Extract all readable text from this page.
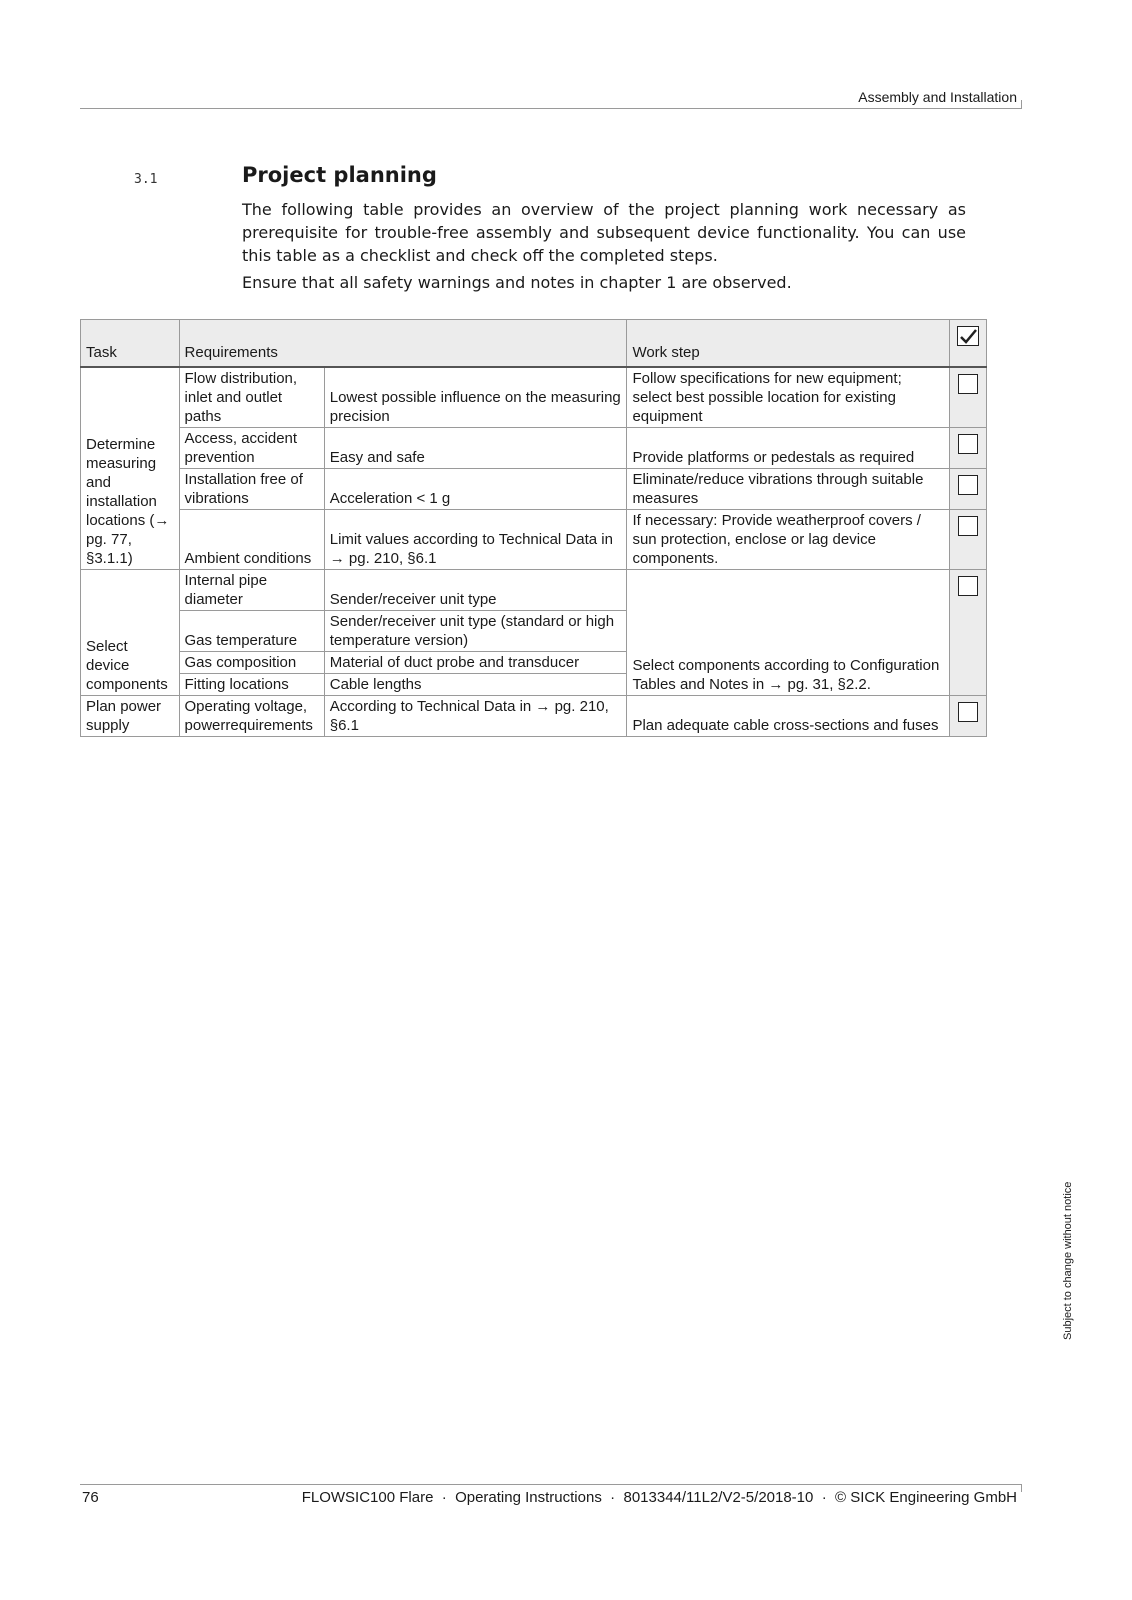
Assembly and Installation
3.1	Project planning

The following table provides an overview of the project planning work necessary as prerequisite for trouble-free assembly and subsequent device functionality. You can use this table as a checklist and check off the completed steps.

Ensure that all safety warnings and notes in chapter 1 are observed.

Task	Requirements		Work step	

Determine measuring and installation locations (→ pg. 77, §3.1.1)	Flow distribution, inlet and outlet paths	Lowest possible influence on the measuring precision	Follow specifications for new equipment; select best possible location for existing equipment	
	Access, accident prevention	Easy and safe	Provide platforms or pedestals as required	
	Installation free of vibrations	Acceleration < 1 g	Eliminate/reduce vibrations through suitable measures	
	Ambient conditions	Limit values according to Technical Data in → pg. 210, §6.1	If necessary: Provide weatherproof covers / sun protection, enclose or lag device components.	
Select device components	Internal pipe diameter	Sender/receiver unit type	Select components according to Configuration Tables and Notes in → pg. 31, §2.2.	
	Gas temperature	Sender/receiver unit type (standard or high temperature version)		
	Gas composition	Material of duct probe and transducer		
	Fitting locations	Cable lengths		
Plan power supply	Operating voltage, powerrequirements	According to Technical Data in → pg. 210, §6.1	Plan adequate cable cross-sections and fuses	
Subject to change without notice
76	FLOWSIC100 Flare  ·  Operating Instructions  ·  8013344/11L2/V2-5/2018-10  ·  © SICK Engineering GmbH
